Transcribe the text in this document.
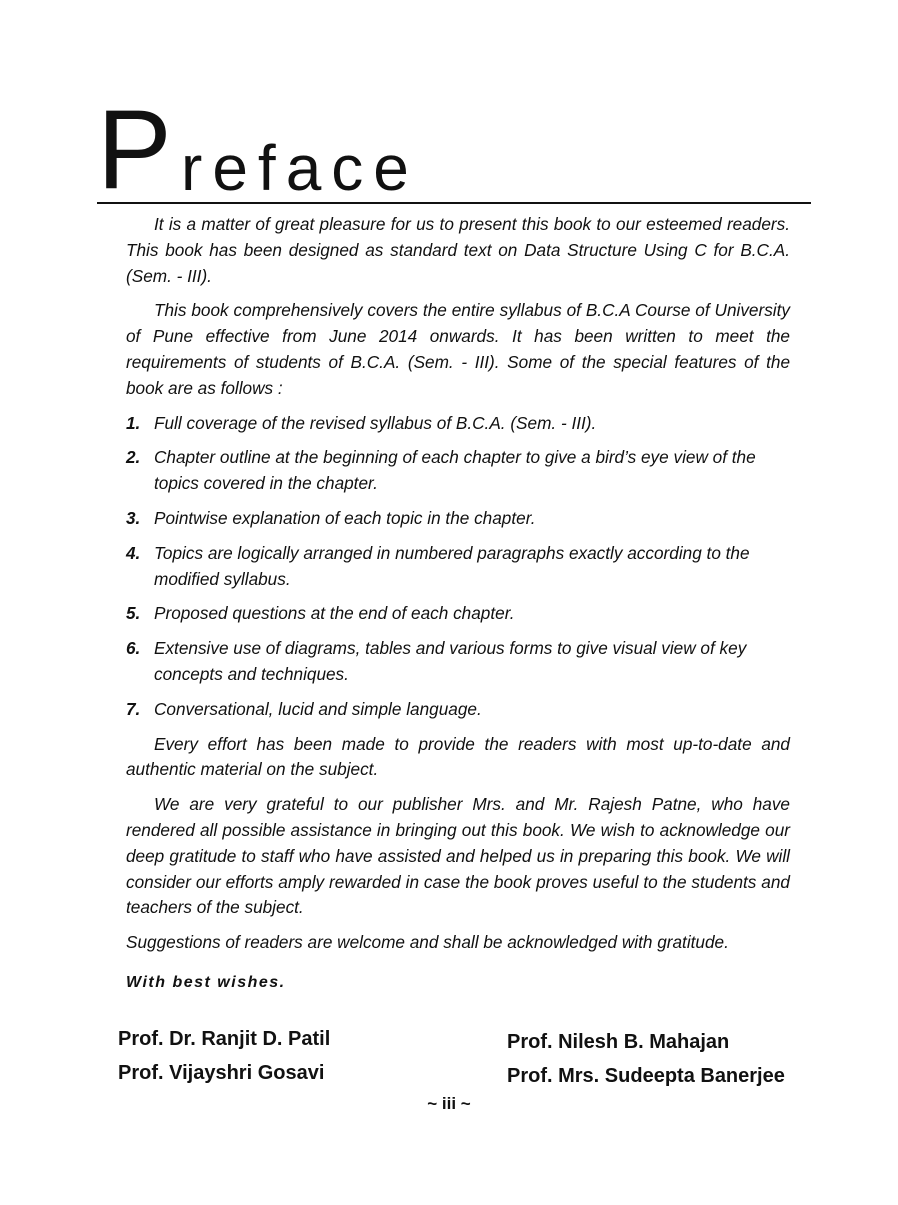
P reface

It is a matter of great pleasure for us to present this book to our esteemed readers. This book has been designed as standard text on Data Structure Using C for B.C.A. (Sem. - III).

This book comprehensively covers the entire syllabus of B.C.A Course of University of Pune effective from June 2014 onwards. It has been written to meet the requirements of students of B.C.A. (Sem. - III). Some of the special features of the book are as follows :

1. Full coverage of the revised syllabus of B.C.A. (Sem. - III).
2. Chapter outline at the beginning of each chapter to give a bird’s eye view of the topics covered in the chapter.
3. Pointwise explanation of each topic in the chapter.
4. Topics are logically arranged in numbered paragraphs exactly according to the modified syllabus.
5. Proposed questions at the end of each chapter.
6. Extensive use of diagrams, tables and various forms to give visual view of key concepts and techniques.
7. Conversational, lucid and simple language.

Every effort has been made to provide the readers with most up-to-date and authentic material on the subject.

We are very grateful to our publisher Mrs. and Mr. Rajesh Patne, who have rendered all possible assistance in bringing out this book. We wish to acknowledge our deep gratitude to staff who have assisted and helped us in preparing this book. We will consider our efforts amply rewarded in case the book proves useful to the students and teachers of the subject.

Suggestions of readers are welcome and shall be acknowledged with gratitude.

With best wishes.

Prof. Dr. Ranjit D. Patil
Prof. Vijayshri Gosavi
Prof. Nilesh B. Mahajan
Prof. Mrs. Sudeepta Banerjee
~ iii ~
